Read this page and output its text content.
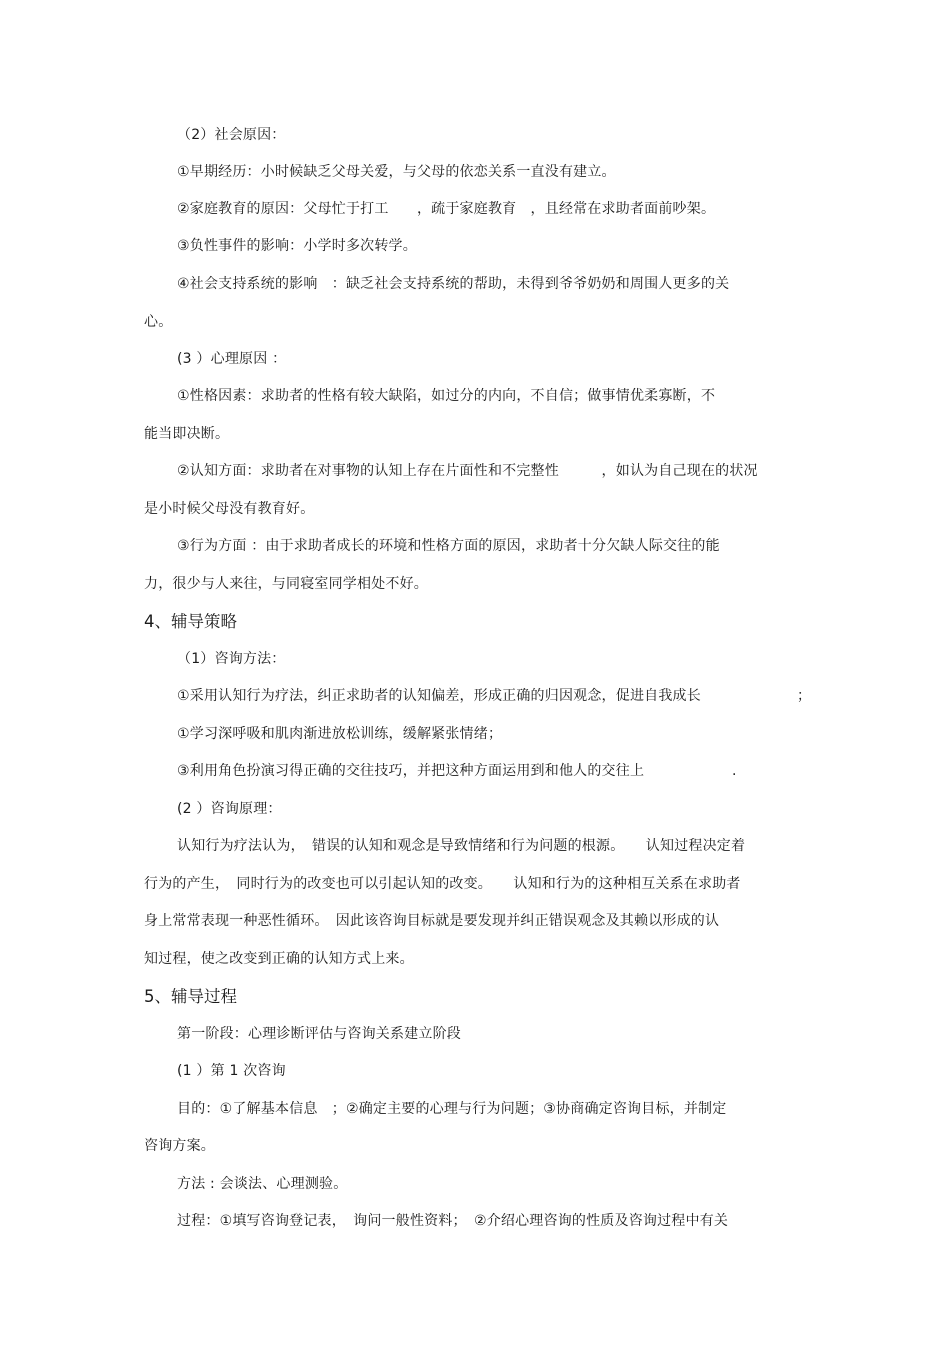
（2）社会原因：
①早期经历：小时候缺乏父母关爱，与父母的依恋关系一直没有建立。
②家庭教育的原因：父母忙于打工　　，疏于家庭教育　，且经常在求助者面前吵架。
③负性事件的影响：小学时多次转学。
④社会支持系统的影响　：缺乏社会支持系统的帮助，未得到爷爷奶奶和周围人更多的关
心。
(3 ）心理原因 ：
①性格因素：求助者的性格有较大缺陷，如过分的内向，不自信；做事情优柔寡断，不
能当即决断。
②认知方面：求助者在对事物的认知上存在片面性和不完整性　　　，如认为自己现在的状况
是小时候父母没有教育好。
③行为方面 ：由于求助者成长的环境和性格方面的原因，求助者十分欠缺人际交往的能
力，很少与人来往，与同寝室同学相处不好。
4、辅导策略
（1）咨询方法：
①采用认知行为疗法，纠正求助者的认知偏差，形成正确的归因观念，促进自我成长	；
①学习深呼吸和肌肉渐进放松训练，缓解紧张情绪；
③利用角色扮演习得正确的交往技巧，并把这种方面运用到和他人的交往上	.
(2 ）咨询原理：
认知行为疗法认为，　错误的认知和观念是导致情绪和行为问题的根源。　　认知过程决定着
行为的产生，　同时行为的改变也可以引起认知的改变。　　认知和行为的这种相互关系在求助者
身上常常表现一种恶性循环。　因此该咨询目标就是要发现并纠正错误观念及其赖以形成的认
知过程，使之改变到正确的认知方式上来。
5、辅导过程
第一阶段：心理诊断评估与咨询关系建立阶段
(1 ）第 1 次咨询
目的：①了解基本信息　；②确定主要的心理与行为问题；③协商确定咨询目标，并制定
咨询方案。
方法 : 会谈法、心理测验。
过程：①填写咨询登记表，　询问一般性资料；　②介绍心理咨询的性质及咨询过程中有关
